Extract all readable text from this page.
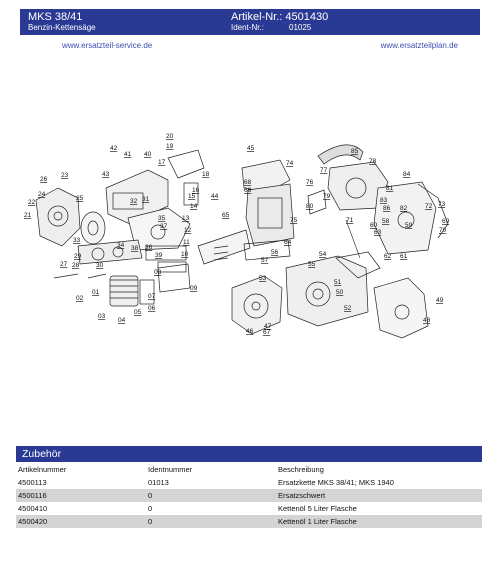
MKS 38/41
Benzin-Kettensäge
Artikel-Nr.: 4501430
Ident-Nr.:	01025
www.ersatzteil-service.de	www.ersatzteilplan.de
01
02
03
04
05
06
07
08
09
10
11
12
13
14
15
16
17
18
19
20
21
22
23
24
25
26
27 28
29
30
31
32
33
34
35
36
37
38
39
40
41
42
43
44
45
46
47
48
49
50
51
52
53
54
55
56
57
58
59
60
61
62
63
64
65
66
67
68
69
70
71
72 73
74
75
76
77
78
79
80
81
82
83
84
85
86
Zubehör
Artikelnummer	Identnummer	Beschreibung
4500113	01013	Ersatzkette MKS 38/41; MKS 1940
4500116	0	Ersatzschwert
4500410	0	Kettenöl 5 Liter Flasche
4500420	0	Kettenöl 1 Liter Flasche
